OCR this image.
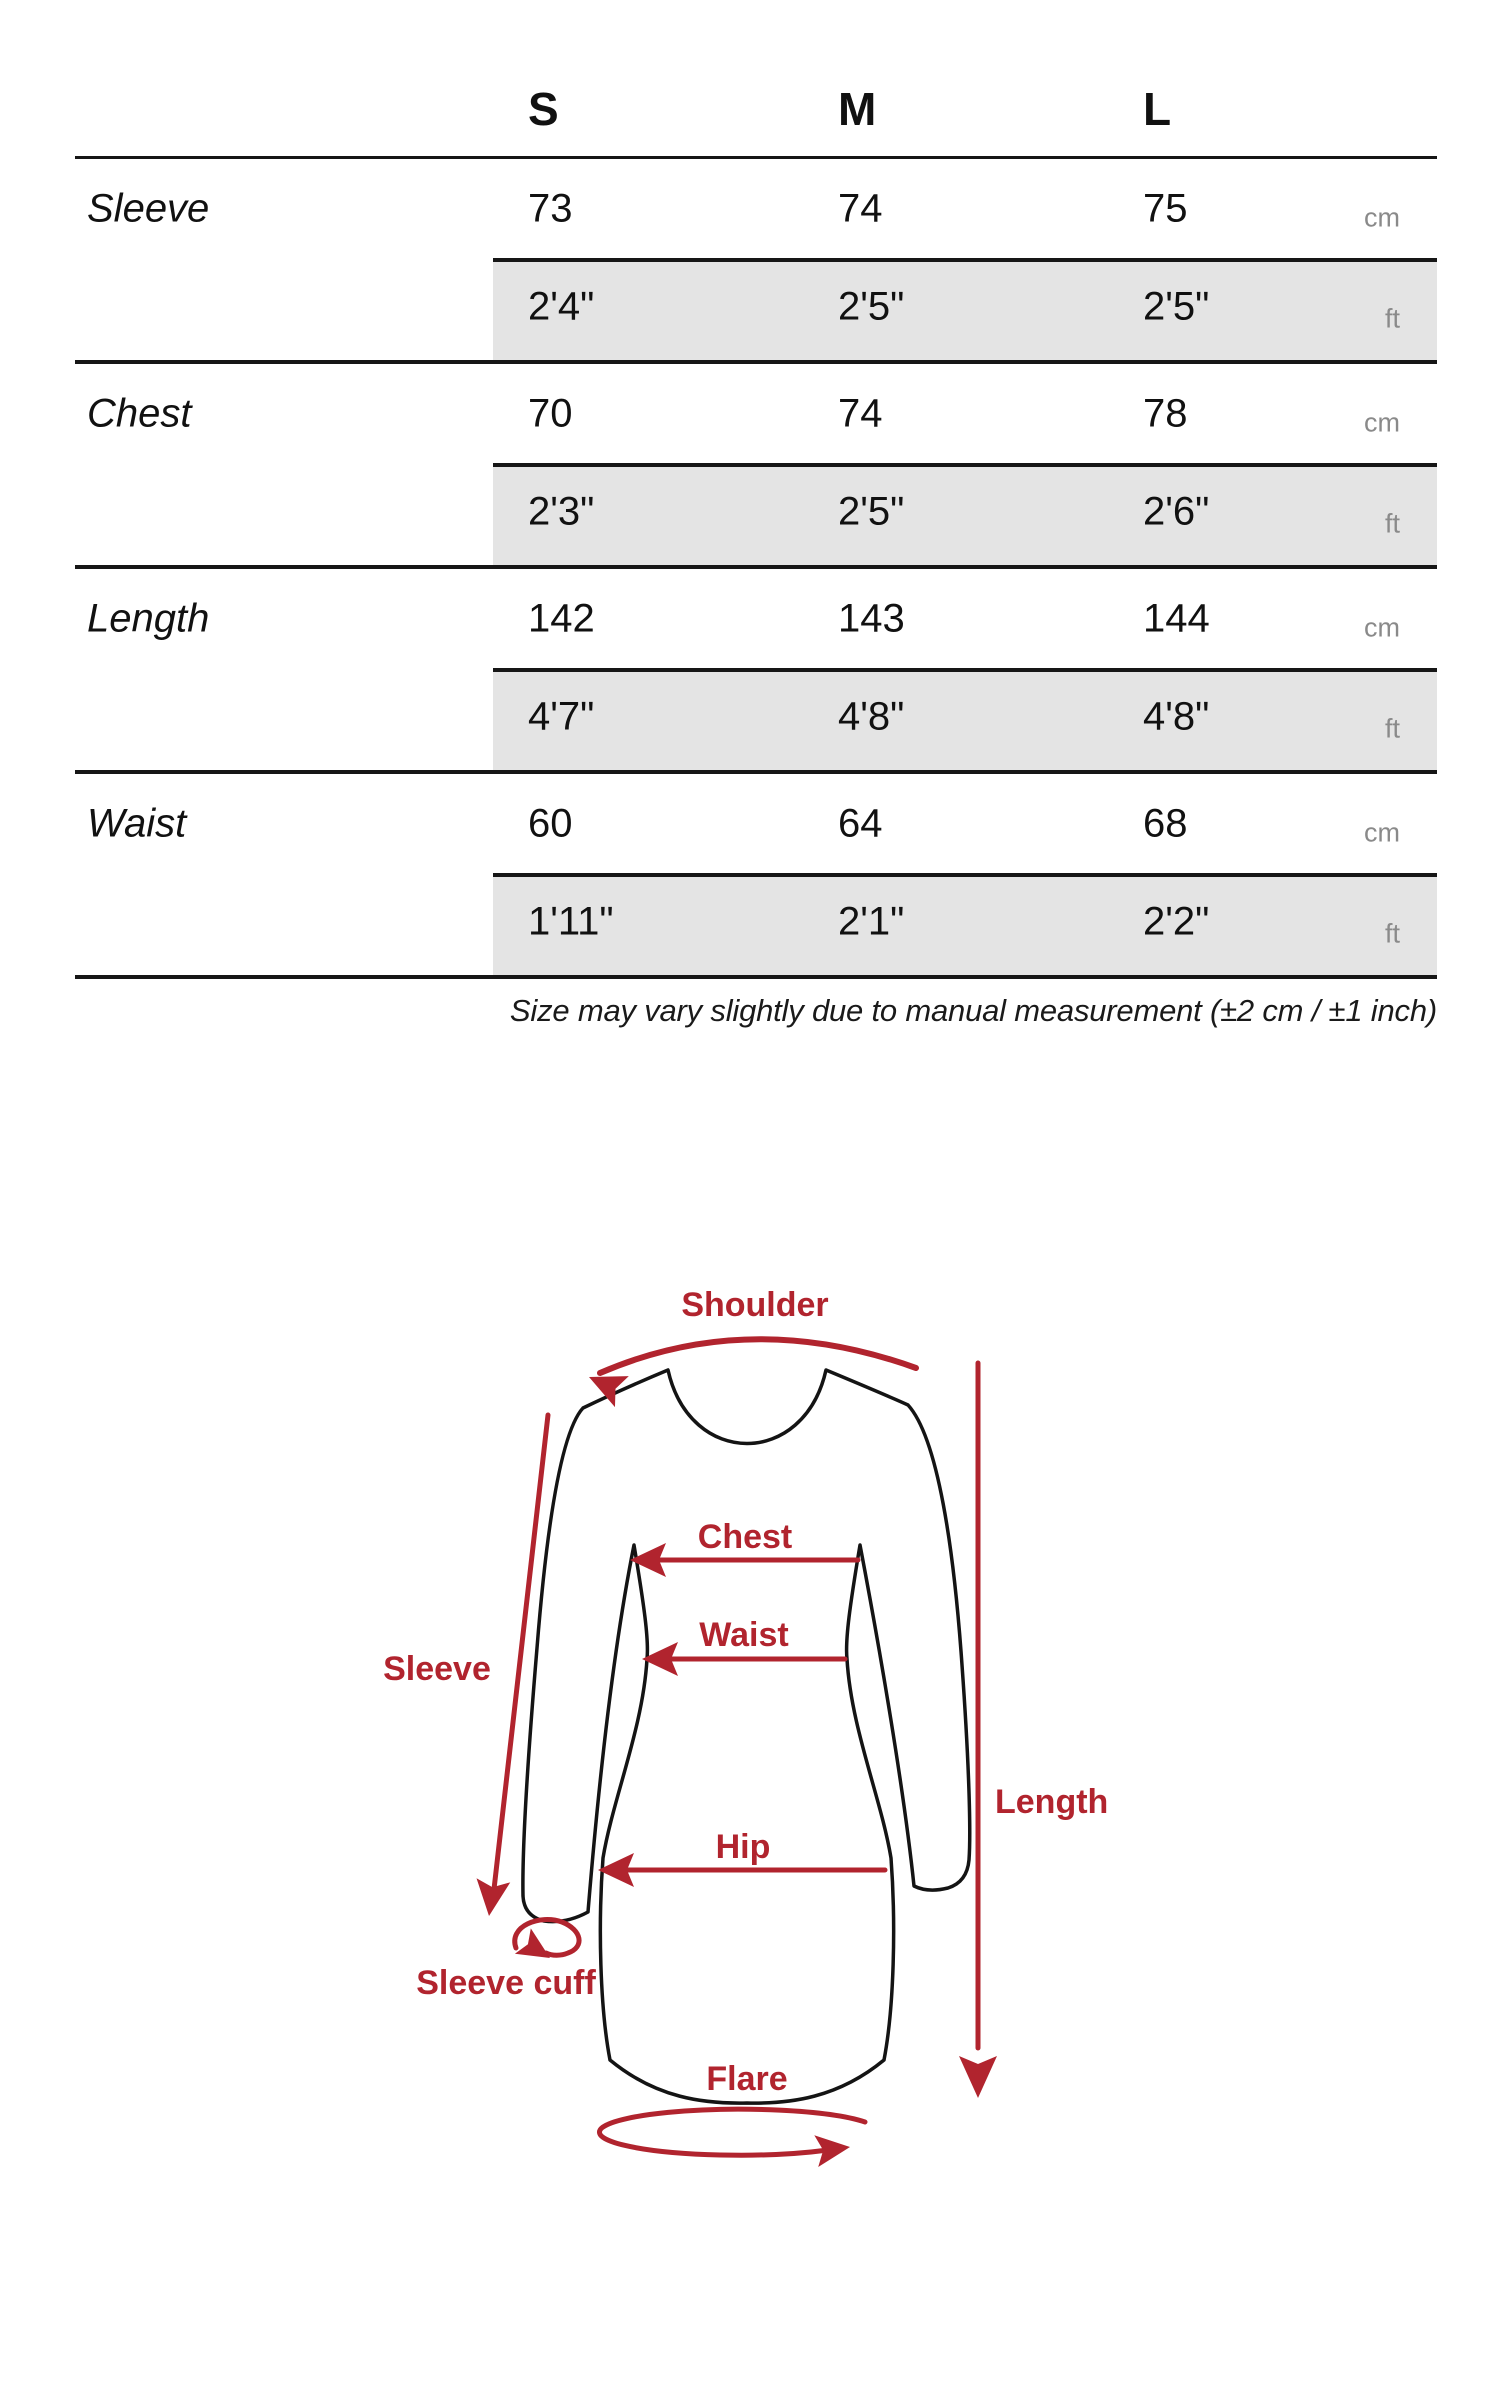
S	M	L
Sleeve	73	74	75	cm
2'4"	2'5"	2'5"	ft
Chest	70	74	78	cm
2'3"	2'5"	2'6"	ft
Length	142	143	144	cm
4'7"	4'8"	4'8"	ft
Waist	60	64	68	cm
1'11"	2'1"	2'2"	ft
Size may vary slightly due to manual measurement (±2 cm / ±1 inch)
Shoulder
Sleeve
Chest
Waist
Hip
Length
Sleeve cuff
Flare
